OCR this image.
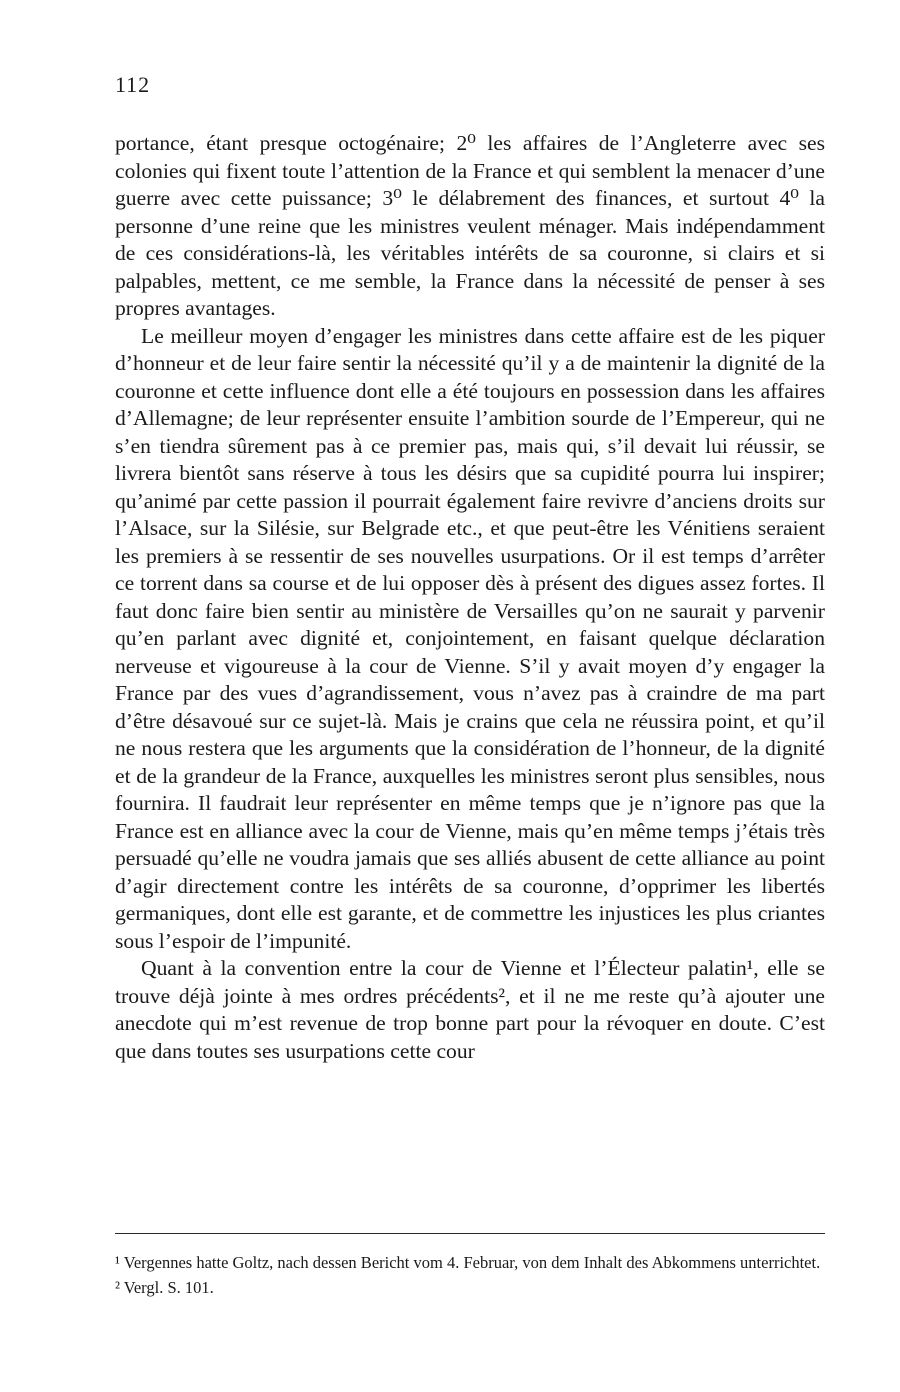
112

portance, étant presque octogénaire; 2⁰ les affaires de l’Angleterre avec ses colonies qui fixent toute l’attention de la France et qui semblent la menacer d’une guerre avec cette puissance; 3⁰ le délabrement des finances, et surtout 4⁰ la personne d’une reine que les ministres veulent ménager. Mais indépendamment de ces considérations-là, les véritables intérêts de sa couronne, si clairs et si palpables, mettent, ce me semble, la France dans la nécessité de penser à ses propres avantages.

Le meilleur moyen d’engager les ministres dans cette affaire est de les piquer d’honneur et de leur faire sentir la nécessité qu’il y a de maintenir la dignité de la couronne et cette influence dont elle a été toujours en possession dans les affaires d’Allemagne; de leur représenter ensuite l’ambition sourde de l’Empereur, qui ne s’en tiendra sûrement pas à ce premier pas, mais qui, s’il devait lui réussir, se livrera bientôt sans réserve à tous les désirs que sa cupidité pourra lui inspirer; qu’animé par cette passion il pourrait également faire revivre d’anciens droits sur l’Alsace, sur la Silésie, sur Belgrade etc., et que peut-être les Vénitiens seraient les premiers à se ressentir de ses nouvelles usurpations. Or il est temps d’arrêter ce torrent dans sa course et de lui opposer dès à présent des digues assez fortes. Il faut donc faire bien sentir au ministère de Versailles qu’on ne saurait y parvenir qu’en parlant avec dignité et, conjointement, en faisant quelque déclaration nerveuse et vigoureuse à la cour de Vienne. S’il y avait moyen d’y engager la France par des vues d’agrandissement, vous n’avez pas à craindre de ma part d’être désavoué sur ce sujet-là. Mais je crains que cela ne réussira point, et qu’il ne nous restera que les arguments que la considération de l’honneur, de la dignité et de la grandeur de la France, auxquelles les ministres seront plus sensibles, nous fournira. Il faudrait leur représenter en même temps que je n’ignore pas que la France est en alliance avec la cour de Vienne, mais qu’en même temps j’étais très persuadé qu’elle ne voudra jamais que ses alliés abusent de cette alliance au point d’agir directement contre les intérêts de sa couronne, d’opprimer les libertés germaniques, dont elle est garante, et de commettre les injustices les plus criantes sous l’espoir de l’impunité.

Quant à la convention entre la cour de Vienne et l’Électeur palatin¹, elle se trouve déjà jointe à mes ordres précédents², et il ne me reste qu’à ajouter une anecdote qui m’est revenue de trop bonne part pour la révoquer en doute. C’est que dans toutes ses usurpations cette cour

¹ Vergennes hatte Goltz, nach dessen Bericht vom 4. Februar, von dem Inhalt des Abkommens unterrichtet.

² Vergl. S. 101.
